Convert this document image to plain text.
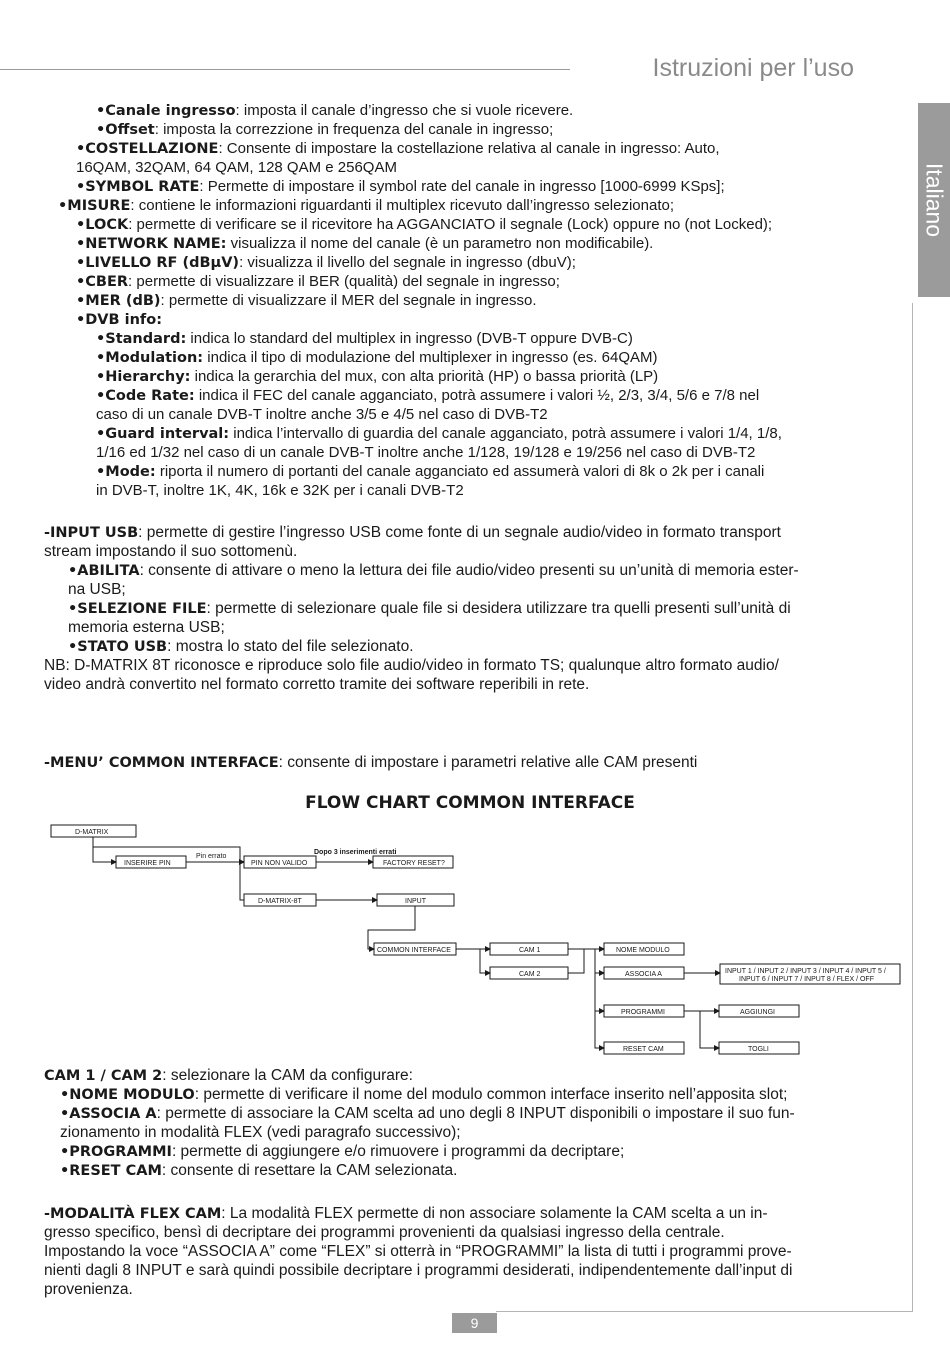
Istruzioni per l’uso
Italiano
9
•Canale ingresso: imposta il canale d’ingresso che si vuole ricevere.
•Offset: imposta la correzzione in frequenza del canale in ingresso;
•COSTELLAZIONE: Consente di impostare la costellazione relativa al canale in ingresso: Auto,
16QAM, 32QAM, 64 QAM, 128 QAM e 256QAM
•SYMBOL RATE: Permette di impostare il symbol rate del canale in ingresso [1000-6999 KSps];
•MISURE: contiene le informazioni riguardanti il multiplex ricevuto dall’ingresso selezionato;
•LOCK: permette di verificare se il ricevitore ha AGGANCIATO il segnale (Lock) oppure no (not Locked);
•NETWORK NAME: visualizza il nome del canale (è un parametro non modificabile).
•LIVELLO RF (dBµV): visualizza il livello del segnale in ingresso (dbuV);
•CBER: permette di visualizzare il BER (qualità) del segnale in ingresso;
•MER (dB): permette di visualizzare il MER del segnale in ingresso.
•DVB info:
•Standard: indica lo standard del multiplex in ingresso (DVB-T oppure DVB-C)
•Modulation: indica il tipo di modulazione del multiplexer in ingresso (es. 64QAM)
•Hierarchy: indica la gerarchia del mux, con alta priorità (HP) o bassa priorità (LP)
•Code Rate: indica il FEC del canale agganciato, potrà assumere i valori ½, 2/3, 3/4, 5/6 e 7/8 nel
caso di un canale DVB-T inoltre anche 3/5 e 4/5 nel caso di DVB-T2
•Guard interval: indica l’intervallo di guardia del canale agganciato, potrà assumere i valori 1/4, 1/8,
1/16 ed 1/32 nel caso di un canale DVB-T inoltre anche 1/128, 19/128 e 19/256 nel caso di DVB-T2
•Mode: riporta il numero di portanti del canale agganciato ed assumerà valori di 8k o 2k per i canali
in DVB-T, inoltre 1K, 4K, 16k e 32K per i canali DVB-T2
-INPUT USB: permette di gestire l’ingresso USB come fonte di un segnale audio/video in formato transport
stream impostando il suo sottomenù.
•ABILITA: consente di attivare o meno la lettura dei file audio/video presenti su un’unità di memoria ester-
na USB;
•SELEZIONE FILE: permette di selezionare quale file si desidera utilizzare tra quelli presenti sull’unità di
memoria esterna USB;
•STATO USB: mostra lo stato del file selezionato.
NB: D-MATRIX 8T riconosce e riproduce solo file audio/video in formato TS; qualunque altro formato audio/
video andrà convertito nel formato corretto tramite dei software reperibili in rete.
-MENU’ COMMON INTERFACE: consente di impostare i parametri relative alle CAM presenti
FLOW CHART COMMON INTERFACE
D-MATRIX
INSERIRE PIN
Pin errato
PIN NON VALIDO
Dopo 3 inserimenti errati
FACTORY RESET?
D-MATRIX-8T	INPUT
COMMON INTERFACE	CAM 1
CAM 2
NOME MODULO
ASSOCIA A	INPUT 1 / INPUT 2 / INPUT 3 / INPUT 4 / INPUT 5 /
INPUT 6 / INPUT 7 / INPUT 8 / FLEX / OFF
PROGRAMMI	AGGIUNGI
RESET CAM	TOGLI
CAM 1 / CAM 2: selezionare la CAM da configurare:
•NOME MODULO: permette di verificare il nome del modulo common interface inserito nell’apposita slot;
•ASSOCIA A: permette di associare la CAM scelta ad uno degli 8 INPUT disponibili o impostare il suo fun-
zionamento in modalità FLEX (vedi paragrafo successivo);
•PROGRAMMI: permette di aggiungere e/o rimuovere i programmi da decriptare;
•RESET CAM: consente di resettare la CAM selezionata.
-MODALITÀ FLEX CAM: La modalità FLEX permette di non associare solamente la CAM scelta a un in-
gresso specifico, bensì di decriptare dei programmi provenienti da qualsiasi ingresso della centrale.
Impostando la voce “ASSOCIA A” come “FLEX” si otterrà in “PROGRAMMI” la lista di tutti i programmi prove-
nienti dagli 8 INPUT e sarà quindi possibile decriptare i programmi desiderati, indipendentemente dall’input di
provenienza.
